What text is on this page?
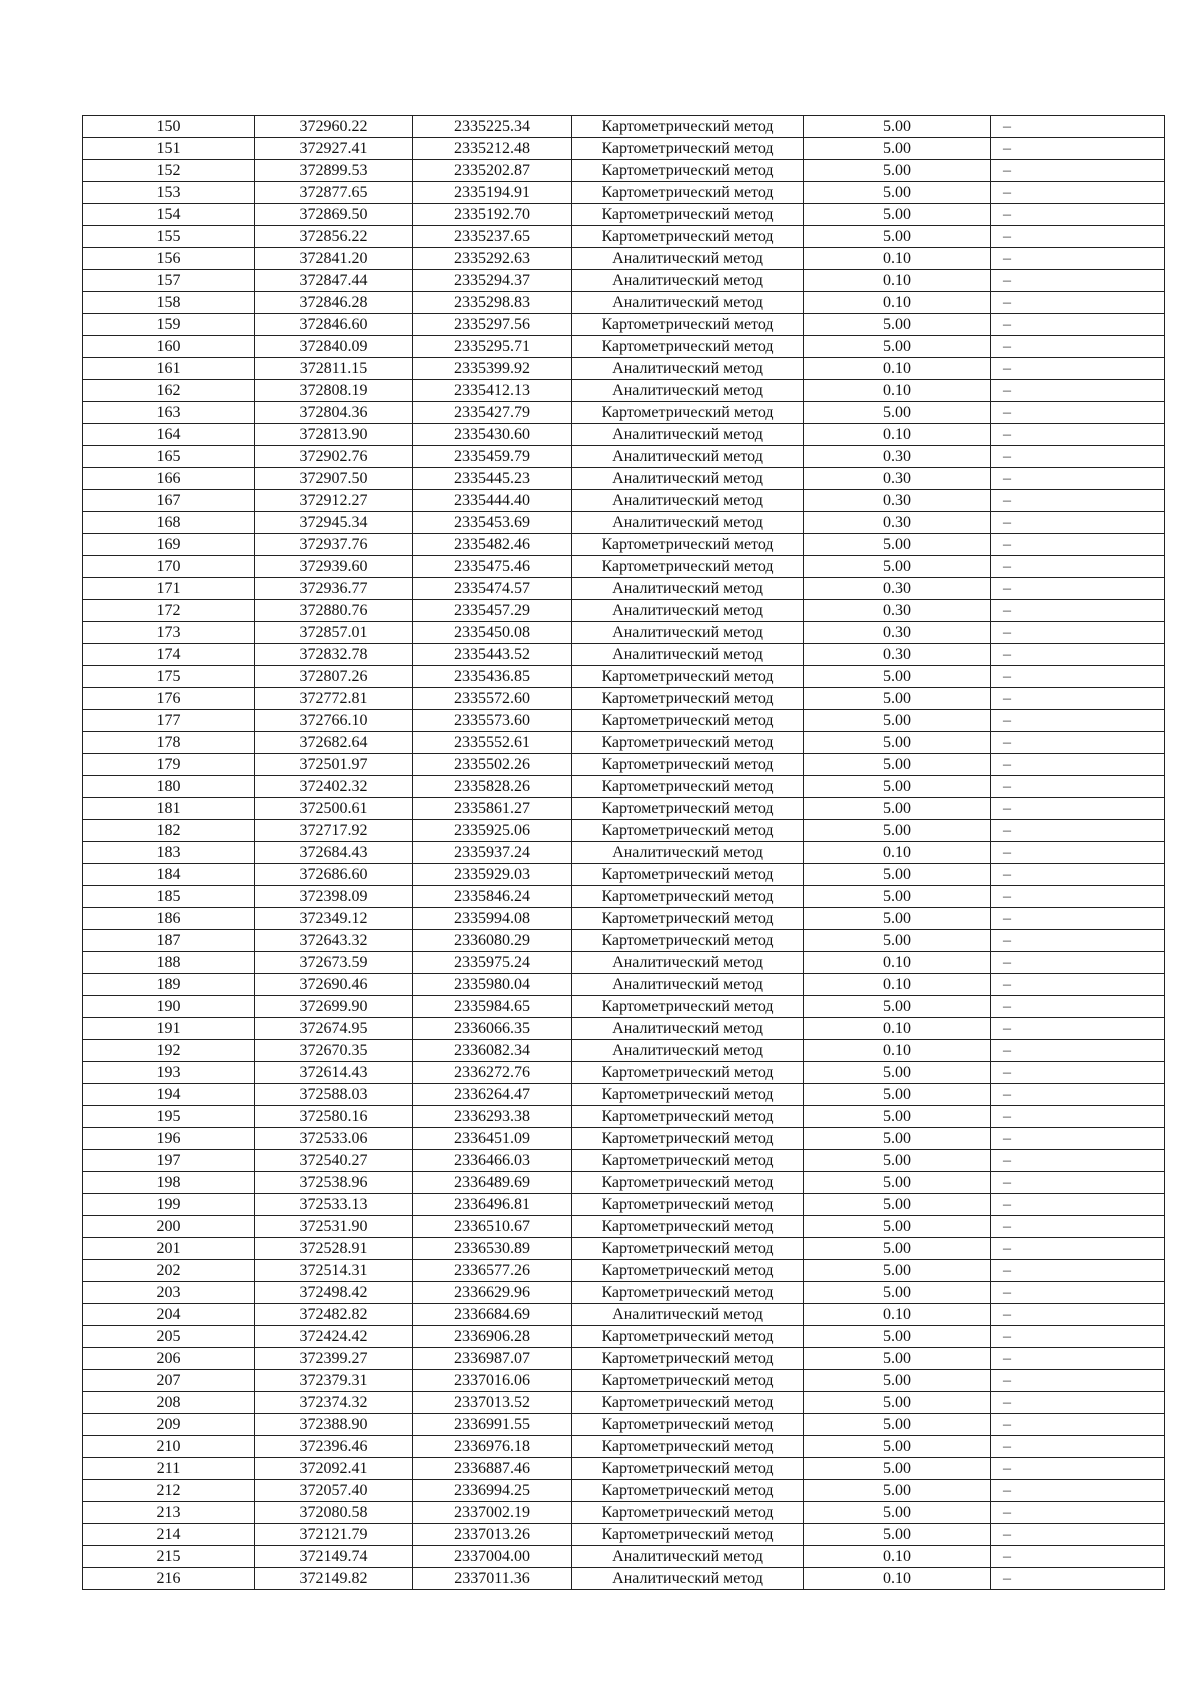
150	372960.22	2335225.34	Картометрический метод	5.00	–
151	372927.41	2335212.48	Картометрический метод	5.00	–
152	372899.53	2335202.87	Картометрический метод	5.00	–
153	372877.65	2335194.91	Картометрический метод	5.00	–
154	372869.50	2335192.70	Картометрический метод	5.00	–
155	372856.22	2335237.65	Картометрический метод	5.00	–
156	372841.20	2335292.63	Аналитический метод	0.10	–
157	372847.44	2335294.37	Аналитический метод	0.10	–
158	372846.28	2335298.83	Аналитический метод	0.10	–
159	372846.60	2335297.56	Картометрический метод	5.00	–
160	372840.09	2335295.71	Картометрический метод	5.00	–
161	372811.15	2335399.92	Аналитический метод	0.10	–
162	372808.19	2335412.13	Аналитический метод	0.10	–
163	372804.36	2335427.79	Картометрический метод	5.00	–
164	372813.90	2335430.60	Аналитический метод	0.10	–
165	372902.76	2335459.79	Аналитический метод	0.30	–
166	372907.50	2335445.23	Аналитический метод	0.30	–
167	372912.27	2335444.40	Аналитический метод	0.30	–
168	372945.34	2335453.69	Аналитический метод	0.30	–
169	372937.76	2335482.46	Картометрический метод	5.00	–
170	372939.60	2335475.46	Картометрический метод	5.00	–
171	372936.77	2335474.57	Аналитический метод	0.30	–
172	372880.76	2335457.29	Аналитический метод	0.30	–
173	372857.01	2335450.08	Аналитический метод	0.30	–
174	372832.78	2335443.52	Аналитический метод	0.30	–
175	372807.26	2335436.85	Картометрический метод	5.00	–
176	372772.81	2335572.60	Картометрический метод	5.00	–
177	372766.10	2335573.60	Картометрический метод	5.00	–
178	372682.64	2335552.61	Картометрический метод	5.00	–
179	372501.97	2335502.26	Картометрический метод	5.00	–
180	372402.32	2335828.26	Картометрический метод	5.00	–
181	372500.61	2335861.27	Картометрический метод	5.00	–
182	372717.92	2335925.06	Картометрический метод	5.00	–
183	372684.43	2335937.24	Аналитический метод	0.10	–
184	372686.60	2335929.03	Картометрический метод	5.00	–
185	372398.09	2335846.24	Картометрический метод	5.00	–
186	372349.12	2335994.08	Картометрический метод	5.00	–
187	372643.32	2336080.29	Картометрический метод	5.00	–
188	372673.59	2335975.24	Аналитический метод	0.10	–
189	372690.46	2335980.04	Аналитический метод	0.10	–
190	372699.90	2335984.65	Картометрический метод	5.00	–
191	372674.95	2336066.35	Аналитический метод	0.10	–
192	372670.35	2336082.34	Аналитический метод	0.10	–
193	372614.43	2336272.76	Картометрический метод	5.00	–
194	372588.03	2336264.47	Картометрический метод	5.00	–
195	372580.16	2336293.38	Картометрический метод	5.00	–
196	372533.06	2336451.09	Картометрический метод	5.00	–
197	372540.27	2336466.03	Картометрический метод	5.00	–
198	372538.96	2336489.69	Картометрический метод	5.00	–
199	372533.13	2336496.81	Картометрический метод	5.00	–
200	372531.90	2336510.67	Картометрический метод	5.00	–
201	372528.91	2336530.89	Картометрический метод	5.00	–
202	372514.31	2336577.26	Картометрический метод	5.00	–
203	372498.42	2336629.96	Картометрический метод	5.00	–
204	372482.82	2336684.69	Аналитический метод	0.10	–
205	372424.42	2336906.28	Картометрический метод	5.00	–
206	372399.27	2336987.07	Картометрический метод	5.00	–
207	372379.31	2337016.06	Картометрический метод	5.00	–
208	372374.32	2337013.52	Картометрический метод	5.00	–
209	372388.90	2336991.55	Картометрический метод	5.00	–
210	372396.46	2336976.18	Картометрический метод	5.00	–
211	372092.41	2336887.46	Картометрический метод	5.00	–
212	372057.40	2336994.25	Картометрический метод	5.00	–
213	372080.58	2337002.19	Картометрический метод	5.00	–
214	372121.79	2337013.26	Картометрический метод	5.00	–
215	372149.74	2337004.00	Аналитический метод	0.10	–
216	372149.82	2337011.36	Аналитический метод	0.10	–
